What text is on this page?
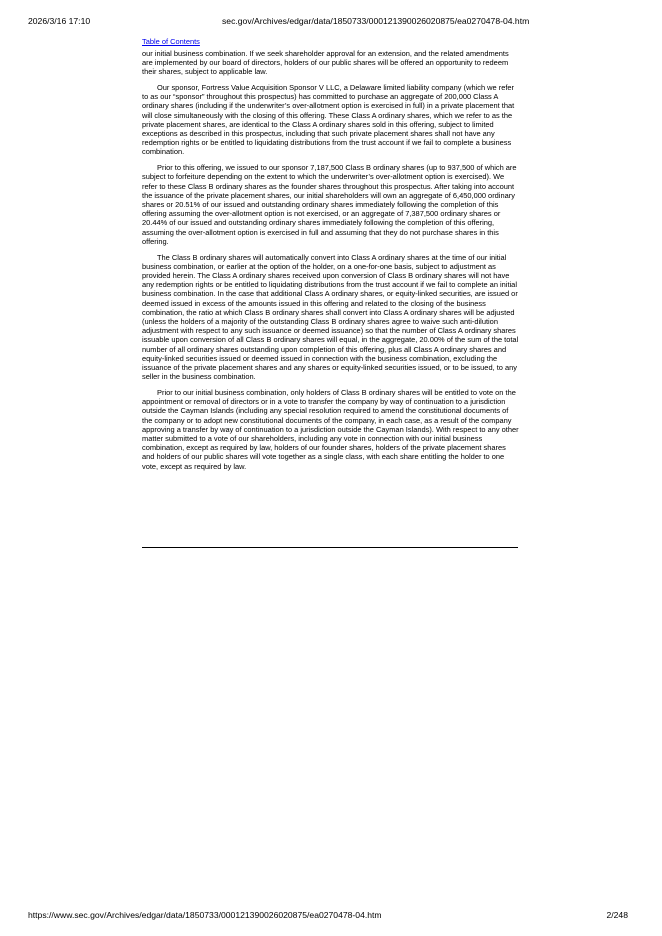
2026/3/16 17:10	sec.gov/Archives/edgar/data/1850733/000121390026020875/ea0270478-04.htm
Table of Contents

our initial business combination. If we seek shareholder approval for an extension, and the related amendments are implemented by our board of directors, holders of our public shares will be offered an opportunity to redeem their shares, subject to applicable law.

Our sponsor, Fortress Value Acquisition Sponsor V LLC, a Delaware limited liability company (which we refer to as our “sponsor” throughout this prospectus) has committed to purchase an aggregate of 200,000 Class A ordinary shares (including if the underwriter’s over-allotment option is exercised in full) in a private placement that will close simultaneously with the closing of this offering. These Class A ordinary shares, which we refer to as the private placement shares, are identical to the Class A ordinary shares sold in this offering, subject to limited exceptions as described in this prospectus, including that such private placement shares shall not have any redemption rights or be entitled to liquidating distributions from the trust account if we fail to complete a business combination.

Prior to this offering, we issued to our sponsor 7,187,500 Class B ordinary shares (up to 937,500 of which are subject to forfeiture depending on the extent to which the underwriter’s over-allotment option is exercised). We refer to these Class B ordinary shares as the founder shares throughout this prospectus. After taking into account the issuance of the private placement shares, our initial shareholders will own an aggregate of 6,450,000 ordinary shares or 20.51% of our issued and outstanding ordinary shares immediately following the completion of this offering assuming the over-allotment option is not exercised, or an aggregate of 7,387,500 ordinary shares or 20.44% of our issued and outstanding ordinary shares immediately following the completion of this offering, assuming the over-allotment option is exercised in full and assuming that they do not purchase shares in this offering.

The Class B ordinary shares will automatically convert into Class A ordinary shares at the time of our initial business combination, or earlier at the option of the holder, on a one-for-one basis, subject to adjustment as provided herein. The Class A ordinary shares received upon conversion of Class B ordinary shares will not have any redemption rights or be entitled to liquidating distributions from the trust account if we fail to complete an initial business combination. In the case that additional Class A ordinary shares, or equity-linked securities, are issued or deemed issued in excess of the amounts issued in this offering and related to the closing of the business combination, the ratio at which Class B ordinary shares shall convert into Class A ordinary shares will be adjusted (unless the holders of a majority of the outstanding Class B ordinary shares agree to waive such anti-dilution adjustment with respect to any such issuance or deemed issuance) so that the number of Class A ordinary shares issuable upon conversion of all Class B ordinary shares will equal, in the aggregate, 20.00% of the sum of the total number of all ordinary shares outstanding upon completion of this offering, plus all Class A ordinary shares and equity-linked securities issued or deemed issued in connection with the business combination, excluding the issuance of the private placement shares and any shares or equity-linked securities issued, or to be issued, to any seller in the business combination.

Prior to our initial business combination, only holders of Class B ordinary shares will be entitled to vote on the appointment or removal of directors or in a vote to transfer the company by way of continuation to a jurisdiction outside the Cayman Islands (including any special resolution required to amend the constitutional documents of the company or to adopt new constitutional documents of the company, in each case, as a result of the company approving a transfer by way of continuation to a jurisdiction outside the Cayman Islands). With respect to any other matter submitted to a vote of our shareholders, including any vote in connection with our initial business combination, except as required by law, holders of our founder shares, holders of the private placement shares and holders of our public shares will vote together as a single class, with each share entitling the holder to one vote, except as required by law.

https://www.sec.gov/Archives/edgar/data/1850733/000121390026020875/ea0270478-04.htm	2/248
